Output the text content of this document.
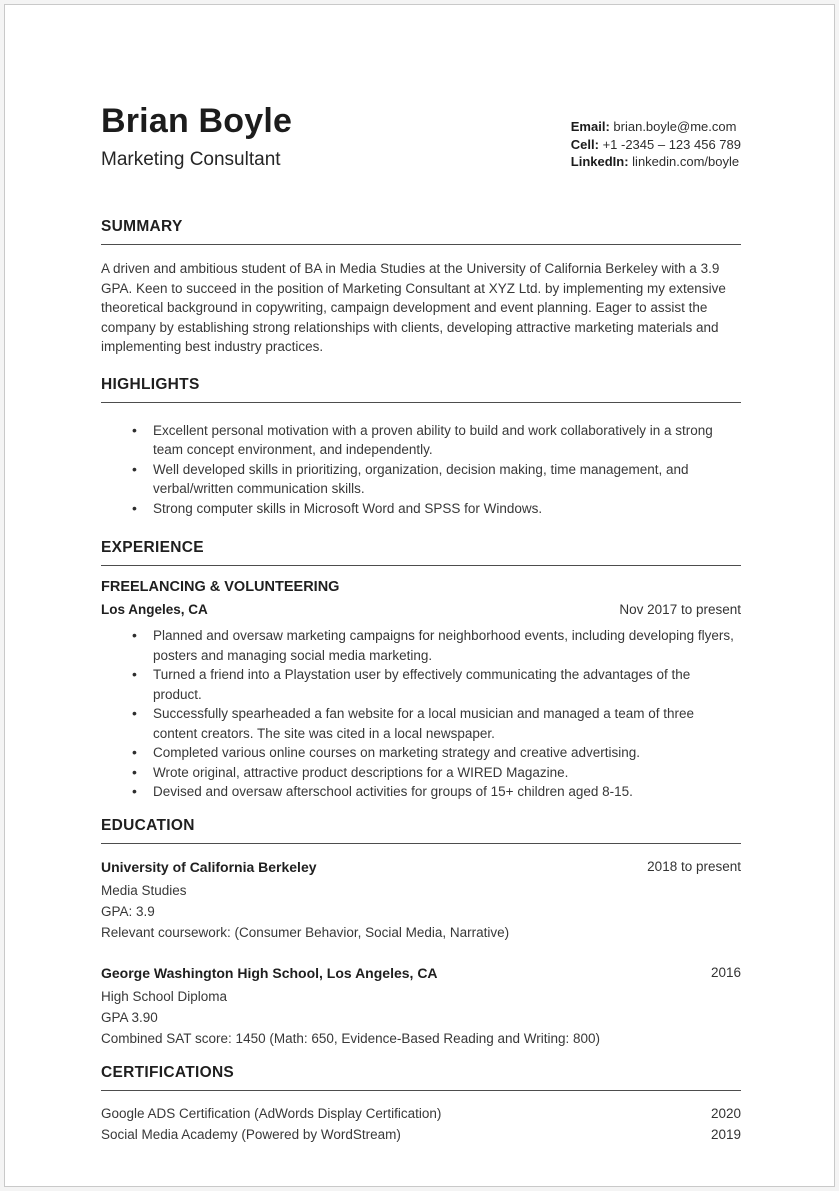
Brian Boyle
Marketing Consultant
Email: brian.boyle@me.com
Cell: +1 -2345 – 123 456 789
LinkedIn: linkedin.com/boyle
SUMMARY
A driven and ambitious student of BA in Media Studies at the University of California Berkeley with a 3.9 GPA. Keen to succeed in the position of Marketing Consultant at XYZ Ltd. by implementing my extensive theoretical background in copywriting, campaign development and event planning. Eager to assist the company by establishing strong relationships with clients, developing attractive marketing materials and implementing best industry practices.
HIGHLIGHTS
• Excellent personal motivation with a proven ability to build and work collaboratively in a strong team concept environment, and independently.
• Well developed skills in prioritizing, organization, decision making, time management, and verbal/written communication skills.
• Strong computer skills in Microsoft Word and SPSS for Windows.
EXPERIENCE
FREELANCING & VOLUNTEERING
Los Angeles, CA	Nov 2017 to present
• Planned and oversaw marketing campaigns for neighborhood events, including developing flyers, posters and managing social media marketing.
• Turned a friend into a Playstation user by effectively communicating the advantages of the product.
• Successfully spearheaded a fan website for a local musician and managed a team of three content creators. The site was cited in a local newspaper.
• Completed various online courses on marketing strategy and creative advertising.
• Wrote original, attractive product descriptions for a WIRED Magazine.
• Devised and oversaw afterschool activities for groups of 15+ children aged 8-15.
EDUCATION
University of California Berkeley	2018 to present
Media Studies
GPA: 3.9
Relevant coursework: (Consumer Behavior, Social Media, Narrative)
George Washington High School, Los Angeles, CA	2016
High School Diploma
GPA 3.90
Combined SAT score: 1450 (Math: 650, Evidence-Based Reading and Writing: 800)
CERTIFICATIONS
Google ADS Certification (AdWords Display Certification)	2020
Social Media Academy (Powered by WordStream)	2019
